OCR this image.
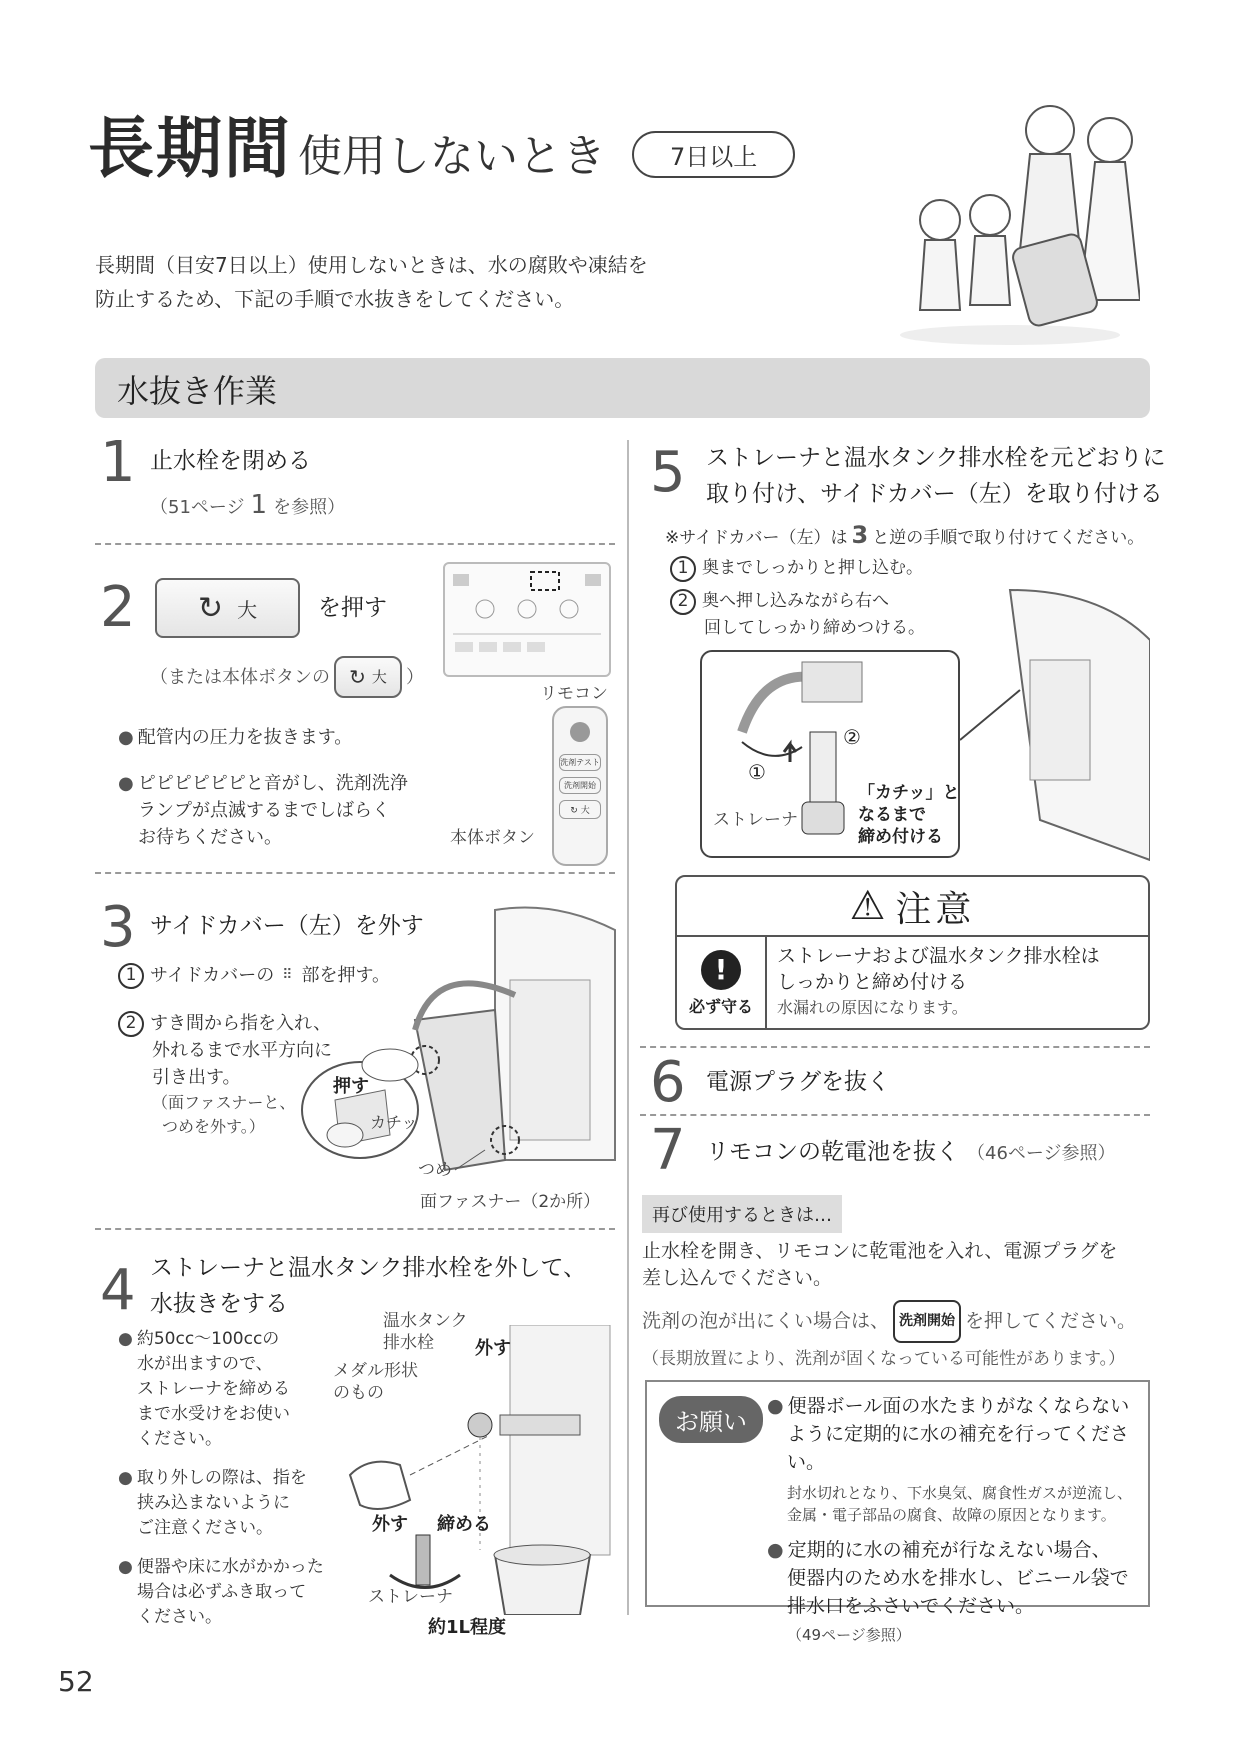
長期間 使用しないとき	7日以上
長期間（目安7日以上）使用しないときは、水の腐敗や凍結を
防止するため、下記の手順で水抜きをしてください。
水抜き作業
1 止水栓を閉める
（51ページ 1 を参照）
2 ↻ 大	を押す
（または本体ボタンの ↻ 大 ）
リモコン
● 配管内の圧力を抜きます。
● ピピピピピピと音がし、洗剤洗浄
ランプが点滅するまでしばらく
お待ちください。
洗剤テスト
洗剤開始
↻ 大
本体ボタン
3 サイドカバー（左）を外す
1 サイドカバーの ⠿ 部を押す。
2 すき間から指を入れ、
外れるまで水平方向に
引き出す。
（面ファスナーと、
つめを外す。）
押す
カチッ
つめ
面ファスナー（2か所）
4 ストレーナと温水タンク排水栓を外して、
水抜きをする
● 約50cc～100ccの
水が出ますので、
ストレーナを締める
まで水受けをお使い
ください。
● 取り外しの際は、指を
挟み込まないように
ご注意ください。
● 便器や床に水がかかった
場合は必ずふき取って
ください。
温水タンク
排水栓	外す
メダル形状
のもの
外す 締める
ストレーナ
約1L程度
5 ストレーナと温水タンク排水栓を元どおりに
取り付け、サイドカバー（左）を取り付ける
※サイドカバー（左）は 3 と逆の手順で取り付けてください。
1 奥までしっかりと押し込む。
2 奥へ押し込みながら右へ
回してしっかり締めつける。
①
②
「カチッ」と
なるまで
締め付ける
ストレーナ
⚠ 注意
!
必ず守る
ストレーナおよび温水タンク排水栓は
しっかりと締め付ける
水漏れの原因になります。
6 電源プラグを抜く
7 リモコンの乾電池を抜く （46ページ参照）
再び使用するときは…
止水栓を開き、リモコンに乾電池を入れ、電源プラグを
差し込んでください。
洗剤の泡が出にくい場合は、 洗剤開始 を押してください。
（長期放置により、洗剤が固くなっている可能性があります。）
お願い
● 便器ボール面の水たまりがなくならない
ように定期的に水の補充を行ってください。
封水切れとなり、下水臭気、腐食性ガスが逆流し、
金属・電子部品の腐食、故障の原因となります。
● 定期的に水の補充が行なえない場合、
便器内のため水を排水し、ビニール袋で
排水口をふさいでください。（49ページ参照）
52
